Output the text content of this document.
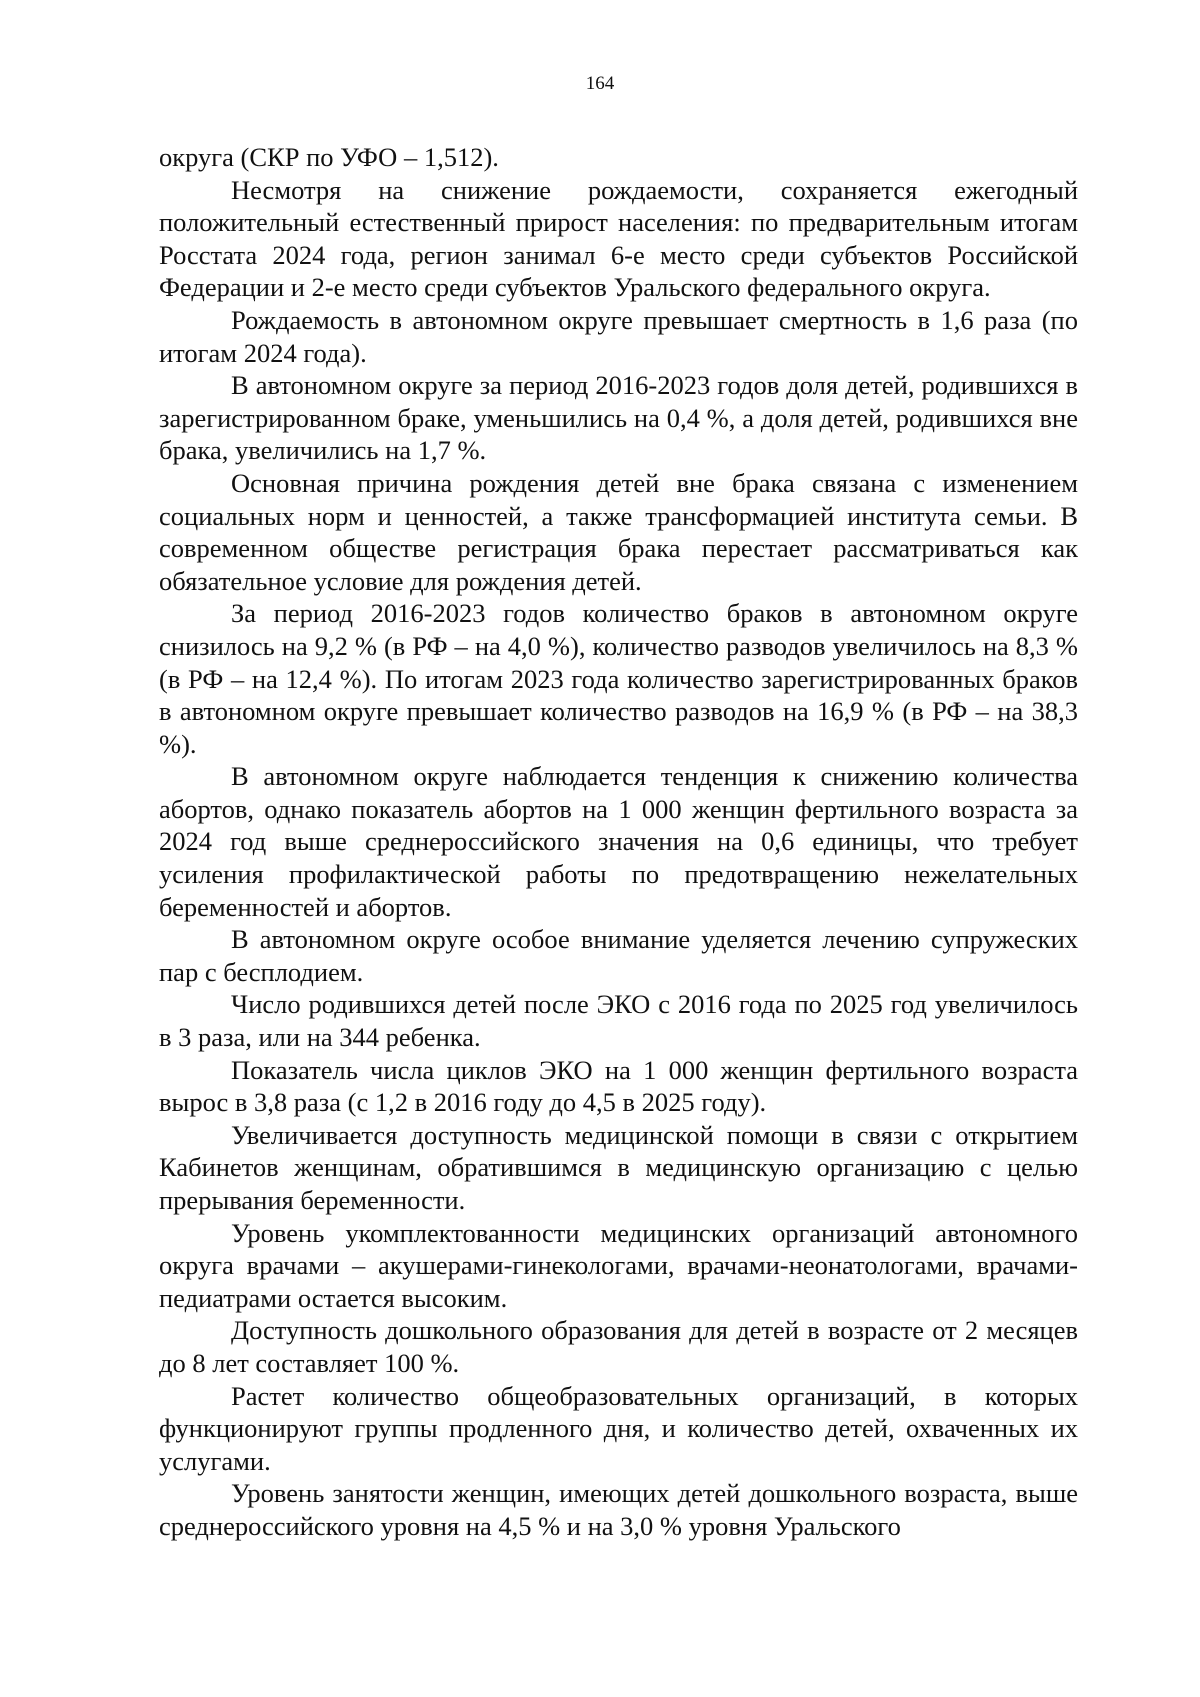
164

округа (СКР по УФО – 1,512).

Несмотря на снижение рождаемости, сохраняется ежегодный положительный естественный прирост населения: по предварительным итогам Росстата 2024 года, регион занимал 6-е место среди субъектов Российской Федерации и 2-е место среди субъектов Уральского федерального округа.

Рождаемость в автономном округе превышает смертность в 1,6 раза (по итогам 2024 года).

В автономном округе за период 2016-2023 годов доля детей, родившихся в зарегистрированном браке, уменьшились на 0,4 %, а доля детей, родившихся вне брака, увеличились на 1,7 %.

Основная причина рождения детей вне брака связана с изменением социальных норм и ценностей, а также трансформацией института семьи. В современном обществе регистрация брака перестает рассматриваться как обязательное условие для рождения детей.

За период 2016-2023 годов количество браков в автономном округе снизилось на 9,2 % (в РФ – на 4,0 %), количество разводов увеличилось на 8,3 % (в РФ – на 12,4 %). По итогам 2023 года количество зарегистрированных браков в автономном округе превышает количество разводов на 16,9 % (в РФ – на 38,3 %).

В автономном округе наблюдается тенденция к снижению количества абортов, однако показатель абортов на 1 000 женщин фертильного возраста за 2024 год выше среднероссийского значения на 0,6 единицы, что требует усиления профилактической работы по предотвращению нежелательных беременностей и абортов.

В автономном округе особое внимание уделяется лечению супружеских пар с бесплодием.

Число родившихся детей после ЭКО с 2016 года по 2025 год увеличилось в 3 раза, или на 344 ребенка.

Показатель числа циклов ЭКО на 1 000 женщин фертильного возраста вырос в 3,8 раза (с 1,2 в 2016 году до 4,5 в 2025 году).

Увеличивается доступность медицинской помощи в связи с открытием Кабинетов женщинам, обратившимся в медицинскую организацию с целью прерывания беременности.

Уровень укомплектованности медицинских организаций автономного округа врачами – акушерами-гинекологами, врачами-неонатологами, врачами-педиатрами остается высоким.

Доступность дошкольного образования для детей в возрасте от 2 месяцев до 8 лет составляет 100 %.

Растет количество общеобразовательных организаций, в которых функционируют группы продленного дня, и количество детей, охваченных их услугами.

Уровень занятости женщин, имеющих детей дошкольного возраста, выше среднероссийского уровня на 4,5 % и на 3,0 % уровня Уральского
